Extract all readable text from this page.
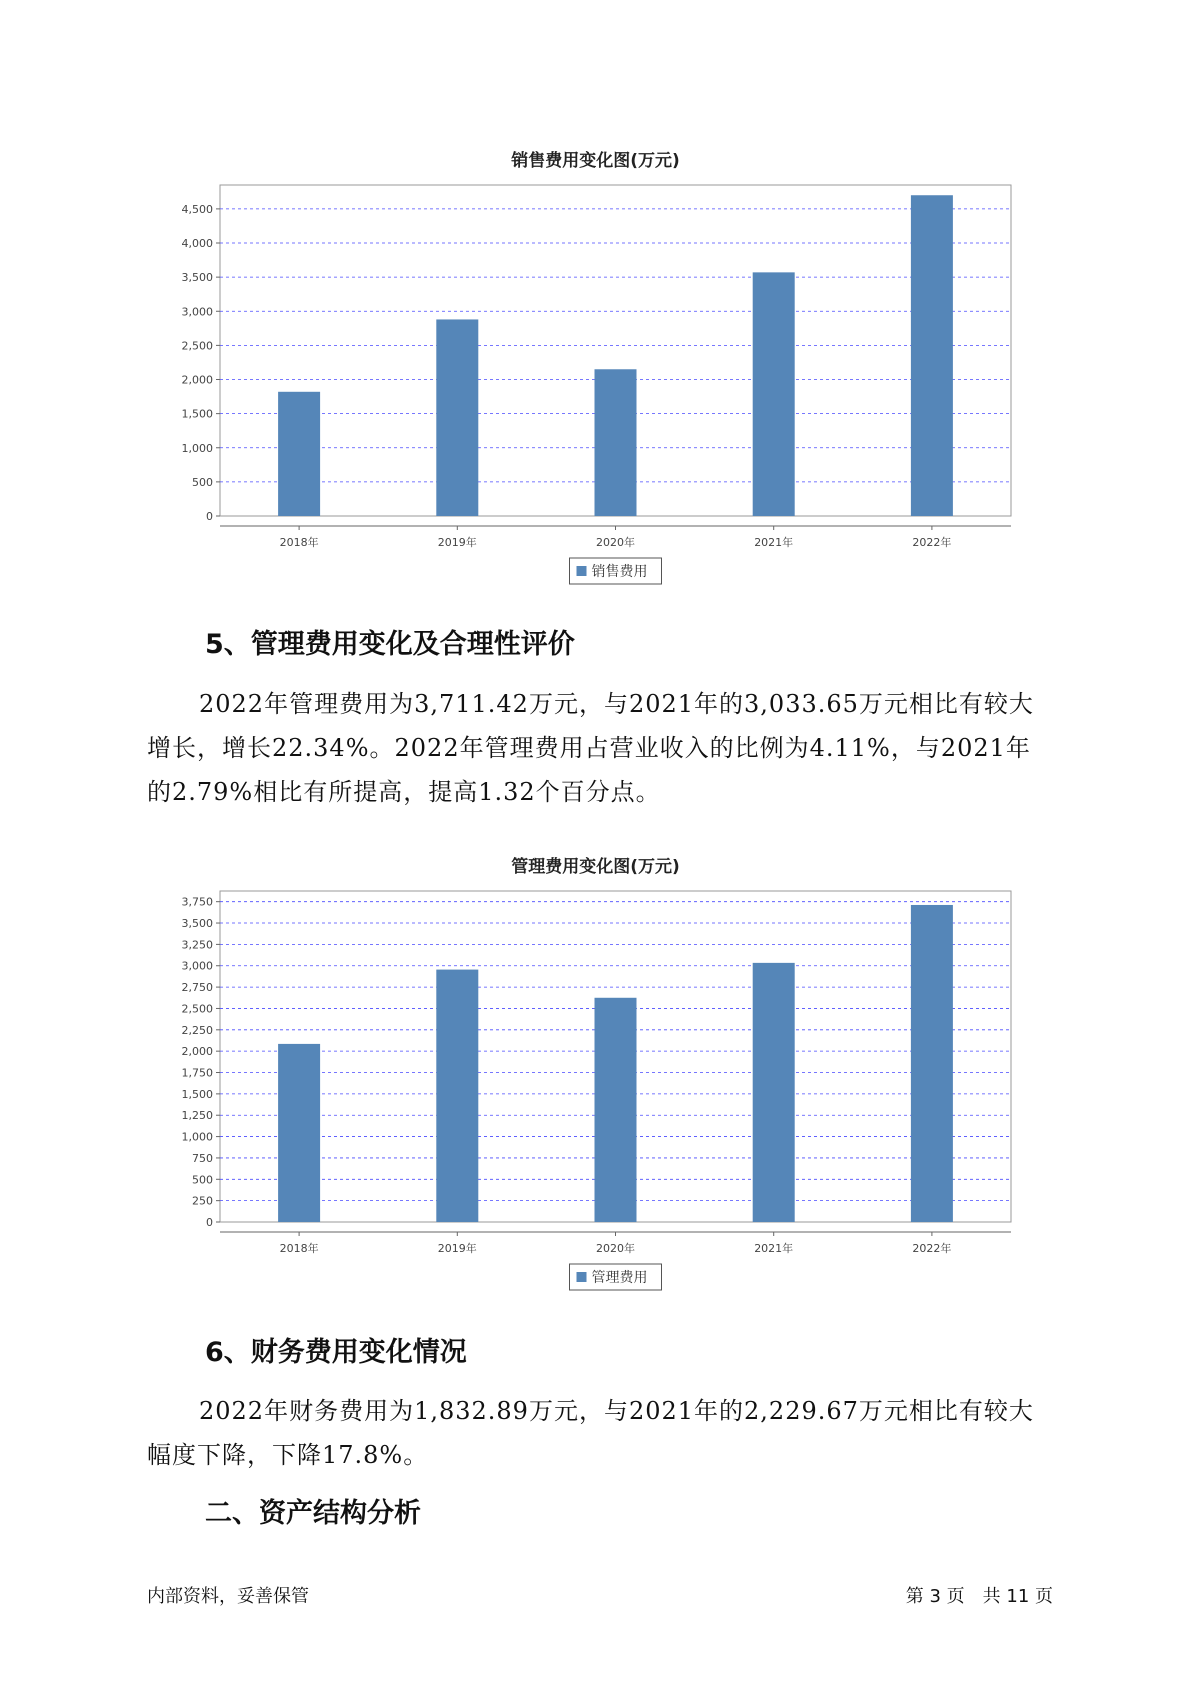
销售费用变化图(万元)
0
500
1,000
1,500
2,000
2,500
3,000
3,500
4,000
4,500
2018年	2019年	2020年	2021年	2022年
销售费用
5、管理费用变化及合理性评价

2022年管理费用为3,711.42万元，与2021年的3,033.65万元相比有较大增长，增长22.34%。2022年管理费用占营业收入的比例为4.11%，与2021年的2.79%相比有所提高，提高1.32个百分点。

管理费用变化图(万元)
0
250
500
750
1,000
1,250
1,500
1,750
2,000
2,250
2,500
2,750
3,000
3,250
3,500
3,750
2018年	2019年	2020年	2021年	2022年
管理费用
6、财务费用变化情况

2022年财务费用为1,832.89万元，与2021年的2,229.67万元相比有较大幅度下降，下降17.8%。

二、资产结构分析
内部资料，妥善保管	第 3 页　共 11 页
